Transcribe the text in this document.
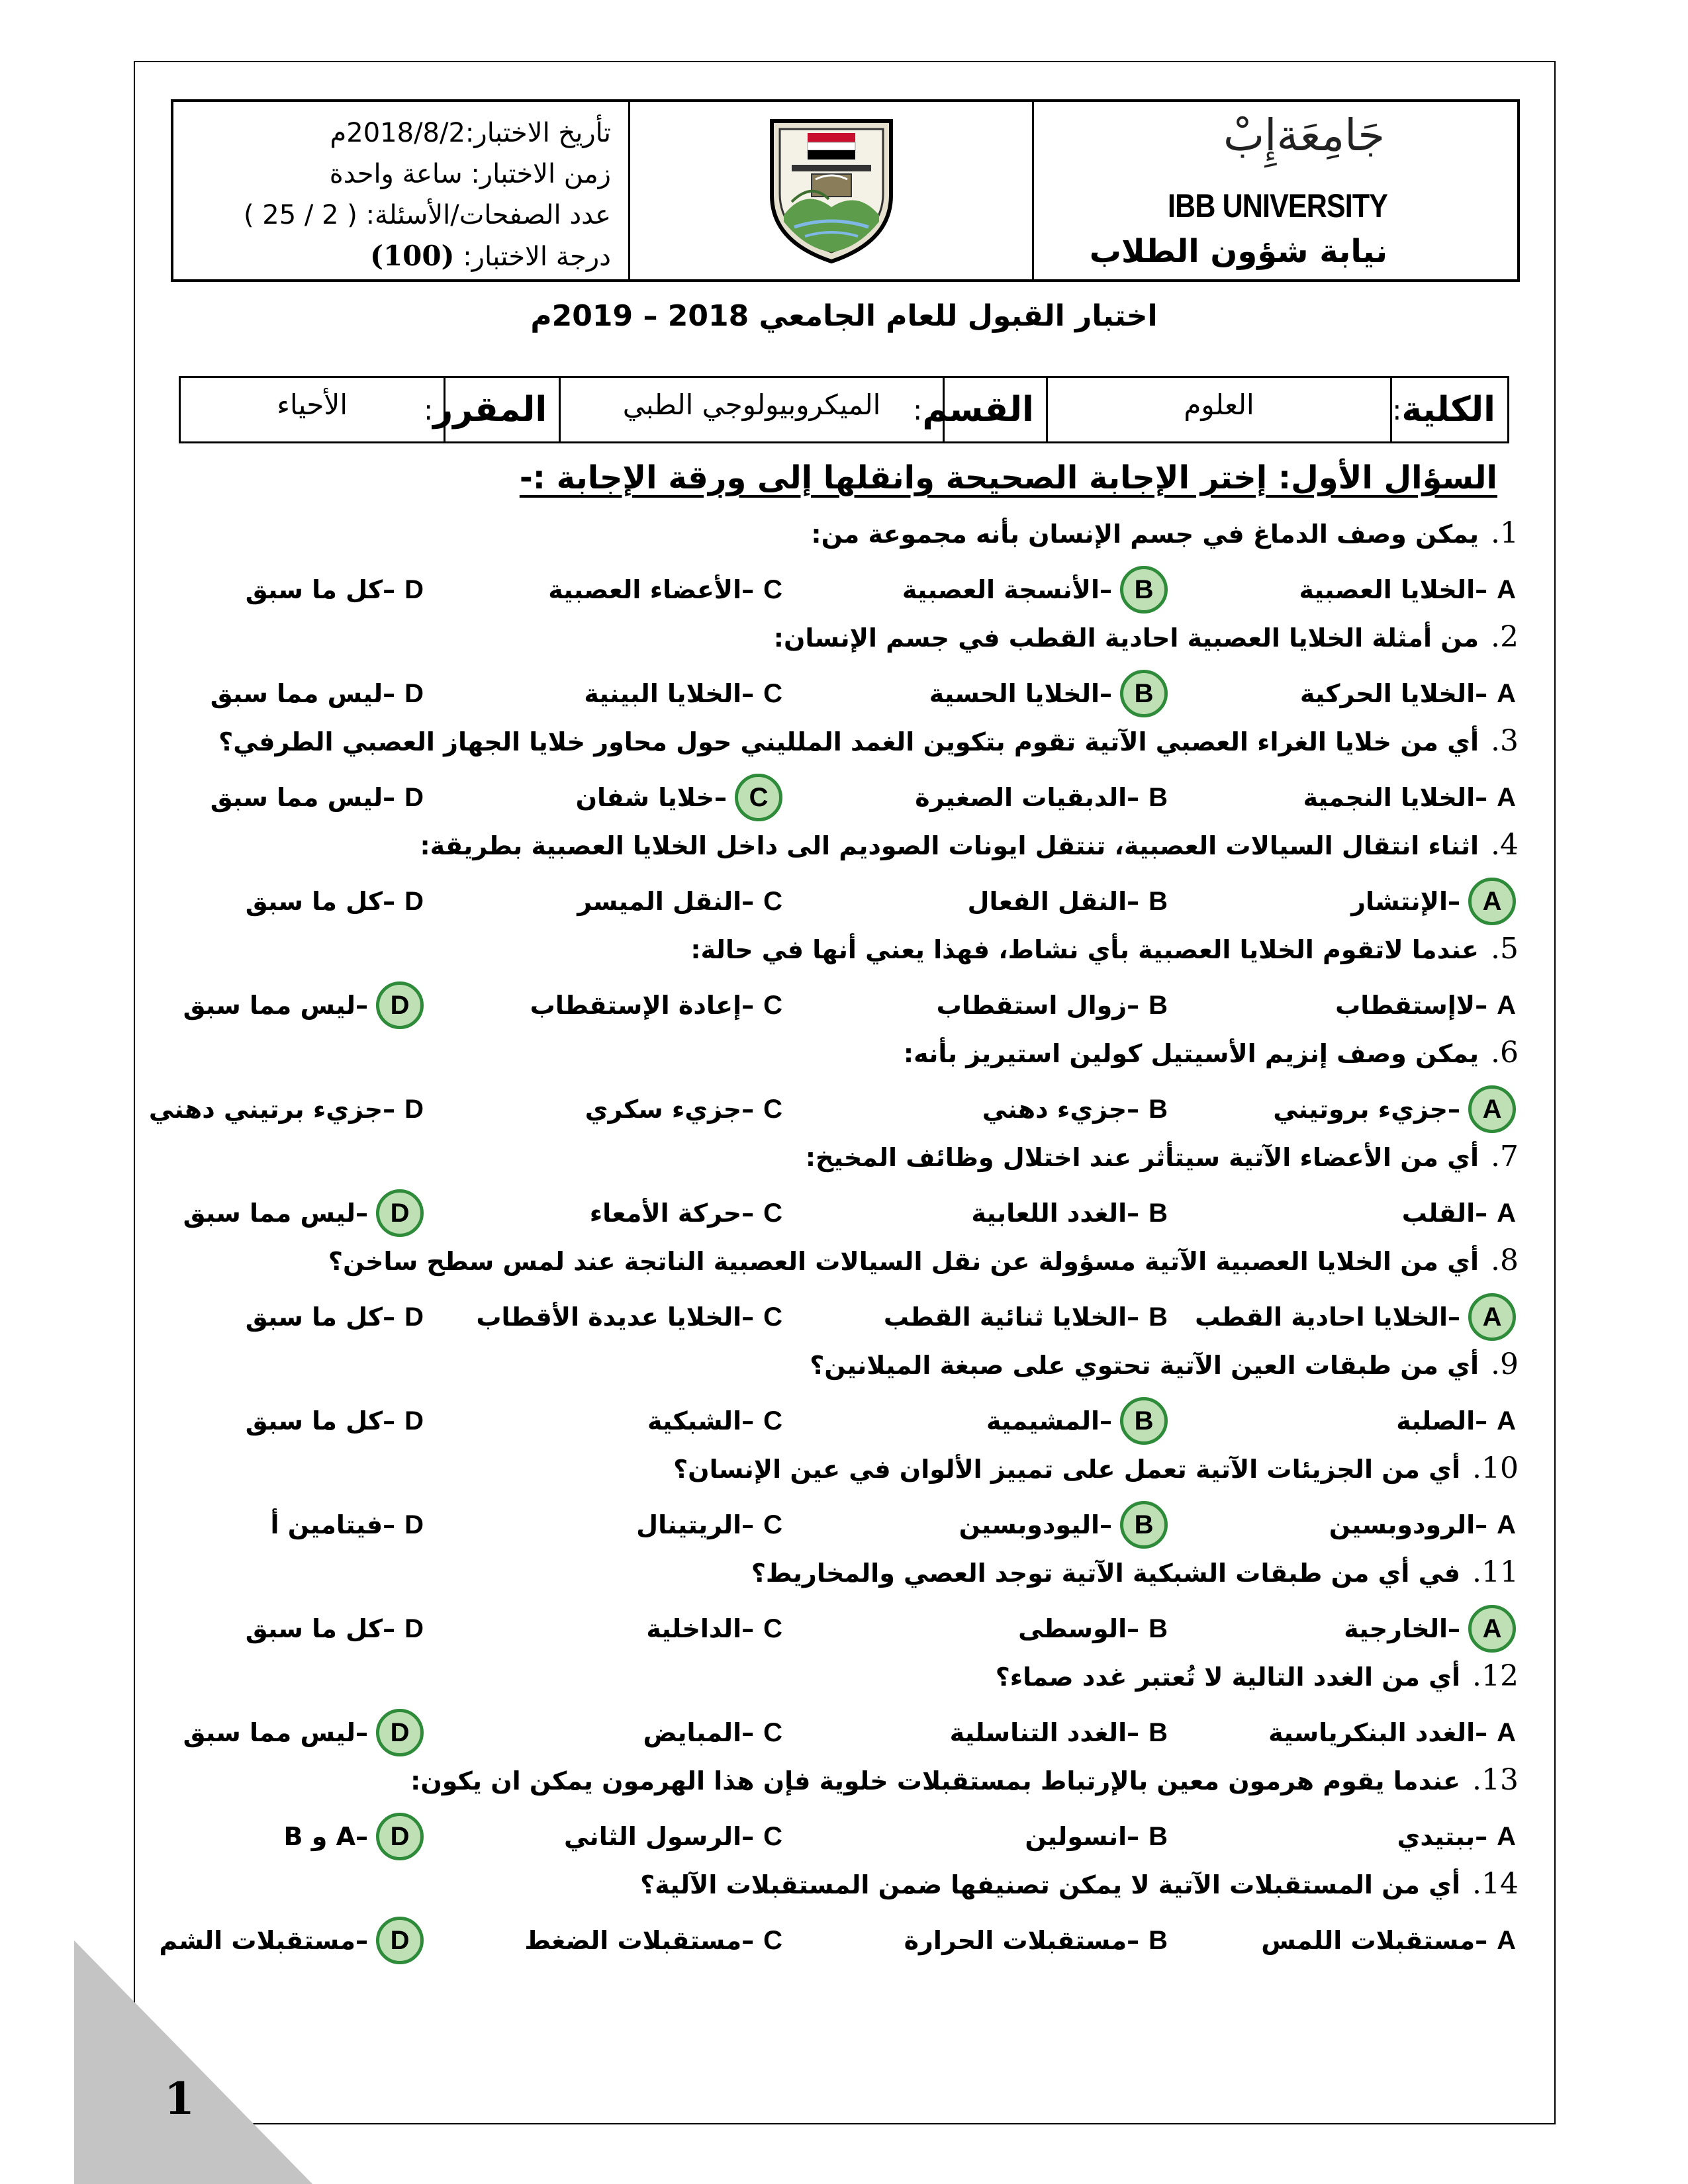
1
تأريخ الاختبار:2018/8/2م
زمن الاختبار: ساعة واحدة
عدد الصفحات/الأسئلة: ( 2 / 25 )
درجة الاختبار: (100)
جَامِعَةإِبْ
IBB UNIVERSITY
نيابة شؤون الطلاب
اختبار القبول للعام الجامعي 2018 – 2019م
الأحياء	المقرر
:	الميكروبيولوجي الطبي	القسم
:	العلوم	الكلية
:
السؤال الأول: إختر الإجابة الصحيحة وانقلها إلى ورقة الإجابة :-
1.
يمكن وصف الدماغ في جسم الإنسان بأنه مجموعة من:
A
–
الخلايا العصبية
B
–
الأنسجة العصبية
C
–
الأعضاء العصبية
D
–
كل ما سبق
2.
من أمثلة الخلايا العصبية احادية القطب في جسم الإنسان:
A
–
الخلايا الحركية
B
–
الخلايا الحسية
C
–
الخلايا البينية
D
–
ليس مما سبق
3.
أي من خلايا الغراء العصبي الآتية تقوم بتكوين الغمد الملليني حول محاور خلايا الجهاز العصبي الطرفي؟
A
–
الخلايا النجمية
B
–
الدبقيات الصغيرة
C
–
خلايا شفان
D
–
ليس مما سبق
4.
اثناء انتقال السيالات العصبية، تنتقل ايونات الصوديم الى داخل الخلايا العصبية بطريقة:
A
–
الإنتشار
B
–
النقل الفعال
C
–
النقل الميسر
D
–
كل ما سبق
5.
عندما لاتقوم الخلايا العصبية بأي نشاط، فهذا يعني أنها في حالة:
A
–
لاإستقطاب
B
–
زوال استقطاب
C
–
إعادة الإستقطاب
D
–
ليس مما سبق
6.
يمكن وصف إنزيم الأسيتيل كولين استيريز بأنه:
A
–
جزيء بروتيني
B
–
جزيء دهني
C
–
جزيء سكري
D
–
جزيء برتيني دهني
7.
أي من الأعضاء الآتية سيتأثر عند اختلال وظائف المخيخ:
A
–
القلب
B
–
الغدد اللعابية
C
–
حركة الأمعاء
D
–
ليس مما سبق
8.
أي من الخلايا العصبية الآتية مسؤولة عن نقل السيالات العصبية الناتجة عند لمس سطح ساخن؟
A
–
الخلايا احادية القطب
B
–
الخلايا ثنائية القطب
C
–
الخلايا عديدة الأقطاب
D
–
كل ما سبق
9.
أي من طبقات العين الآتية تحتوي على صبغة الميلانين؟
A
–
الصلبة
B
–
المشيمية
C
–
الشبكية
D
–
كل ما سبق
10.
أي من الجزيئات الآتية تعمل على تمييز الألوان في عين الإنسان؟
A
–
الرودوبسين
B
–
اليودوبسين
C
–
الريتينال
D
–
فيتامين أ
11.
في أي من طبقات الشبكية الآتية توجد العصي والمخاريط؟
A
–
الخارجية
B
–
الوسطى
C
–
الداخلية
D
–
كل ما سبق
12.
أي من الغدد التالية لا تُعتبر غدد صماء؟
A
–
الغدد البنكرياسية
B
–
الغدد التناسلية
C
–
المبايض
D
–
ليس مما سبق
13.
عندما يقوم هرمون معين بالإرتباط بمستقبلات خلوية فإن هذا الهرمون يمكن ان يكون:
A
–
ببتيدي
B
–
انسولين
C
–
الرسول الثاني
D
–
A و B
14.
أي من المستقبلات الآتية لا يمكن تصنيفها ضمن المستقبلات الآلية؟
A
–
مستقبلات اللمس
B
–
مستقبلات الحرارة
C
–
مستقبلات الضغط
D
–
مستقبلات الشم
